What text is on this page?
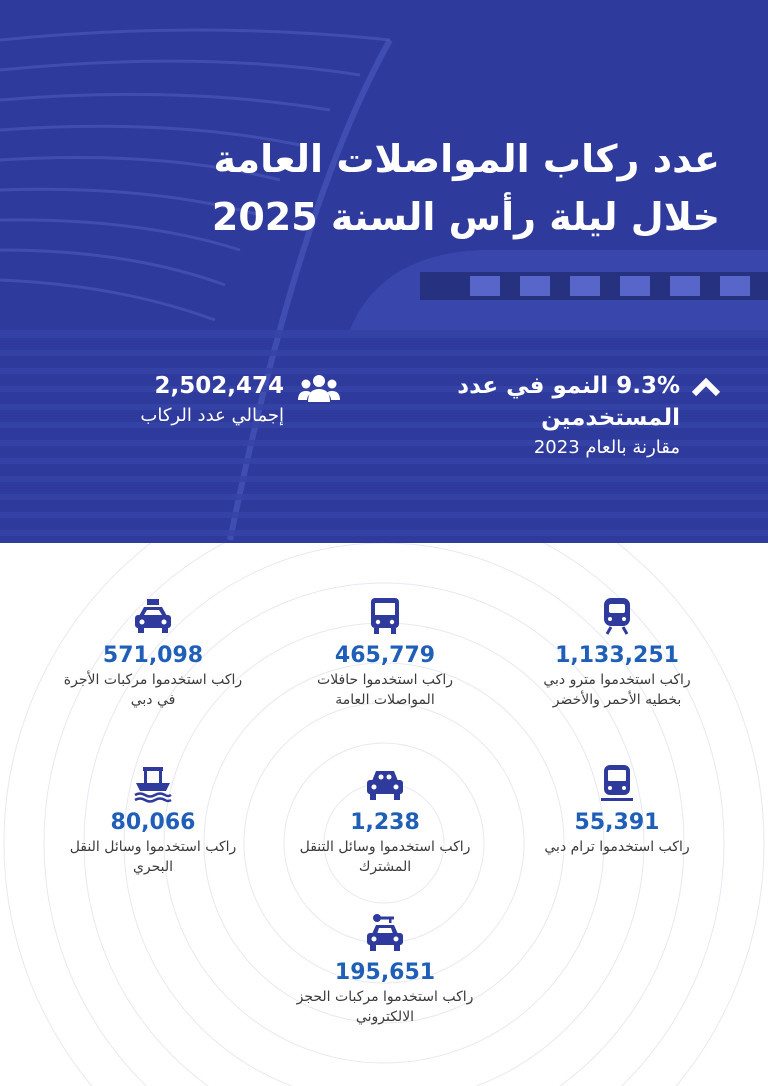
عدد ركاب المواصلات العامة
خلال ليلة رأس السنة 2025
9.3% النمو في عدد المستخدمين
مقارنة بالعام 2023
2,502,474
إجمالي عدد الركاب
1,133,251
راكب استخدموا مترو دبي بخطيه الأحمر والأخضر
465,779
راكب استخدموا حافلات المواصلات العامة
571,098
راكب استخدموا مركبات الأجرة في دبي
55,391
راكب استخدموا ترام دبي
1,238
راكب استخدموا وسائل التنقل المشترك
80,066
راكب استخدموا وسائل النقل البحري
195,651
راكب استخدموا مركبات الحجز الالكتروني
